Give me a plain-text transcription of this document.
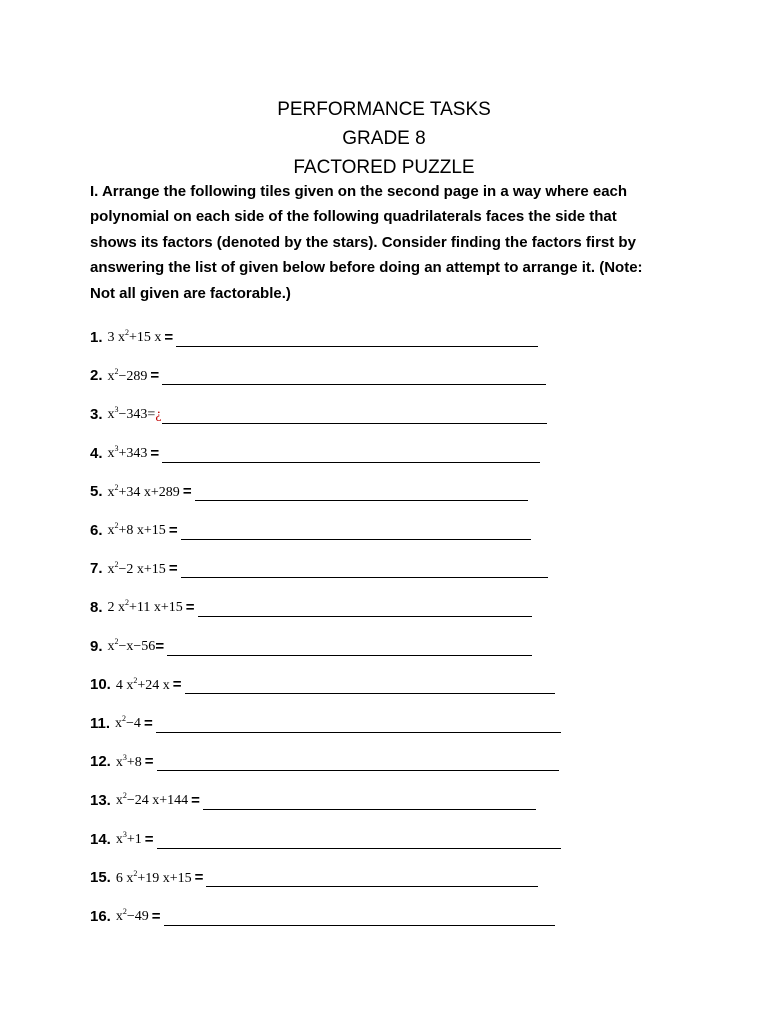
PERFORMANCE TASKS
GRADE 8
FACTORED PUZZLE
I. Arrange the following tiles given on the second page in a way where each
polynomial on each side of the following quadrilaterals faces the side that
shows its factors (denoted by the stars). Consider finding the factors first by
answering the list of given below before doing an attempt to arrange it. (Note:
Not all given are factorable.)
1. 3 $x^2+15$ x =
2. $x^2-289$ =
3. $x^3-343=¿$
4. $x^3+343$ =
5. $x^2+34$ x+289 =
6. $x^2+8$ x+15 =
7. $x^2-2$ x+15 =
8. 2 $x^2+11$ x+15 =
9. $x^2-x-56$ =
10. 4 $x^2+24$ x =
11. $x^2-4$ =
12. $x^3+8$ =
13. $x^2-24$ x+144 =
14. $x^3+1$ =
15. 6 $x^2+19$ x+15 =
16. $x^2-49$ =
